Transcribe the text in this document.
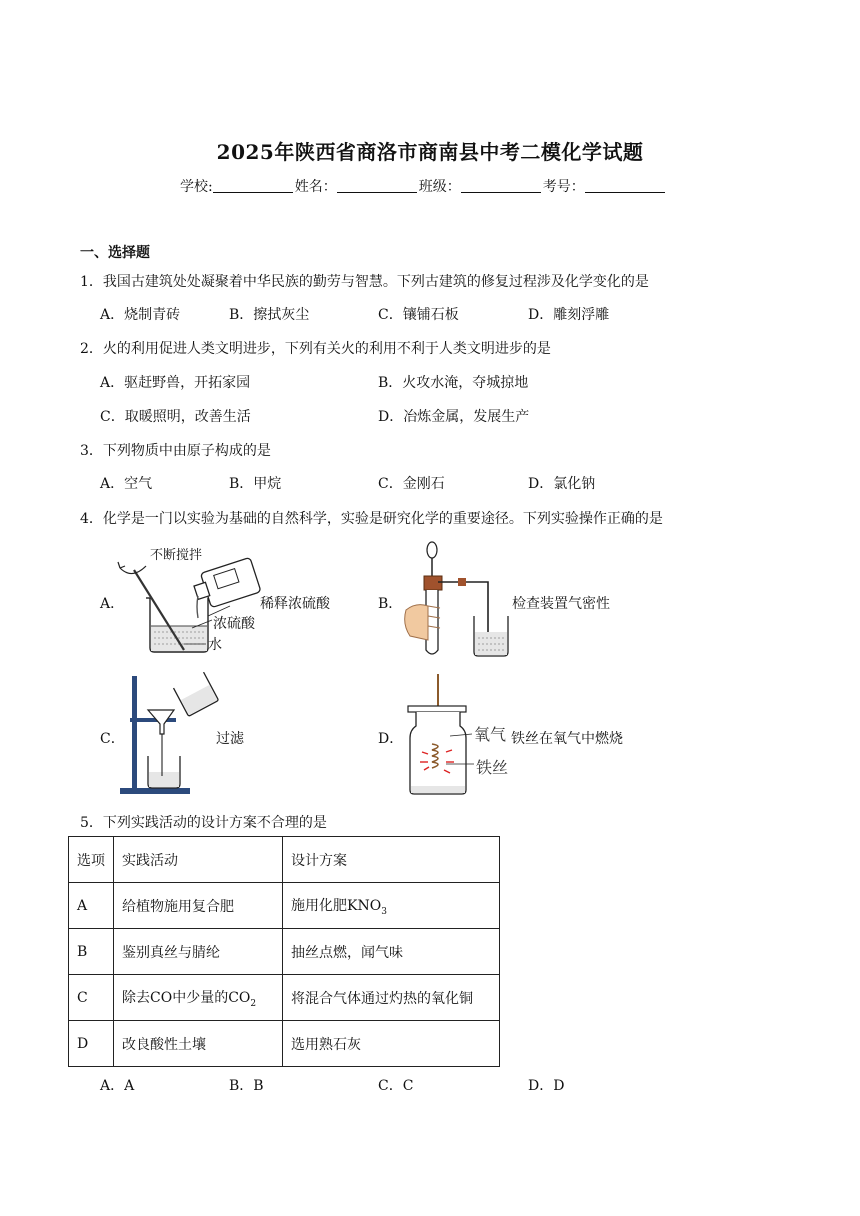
2025年陕西省商洛市商南县中考二模化学试题
学校:	姓名：	班级：	考号：
一、选择题
1．我国古建筑处处凝聚着中华民族的勤劳与智慧。下列古建筑的修复过程涉及化学变化的是
A．烧制青砖	B．擦拭灰尘	C．镶铺石板	D．雕刻浮雕
2．火的利用促进人类文明进步，下列有关火的利用不利于人类文明进步的是
A．驱赶野兽，开拓家园	B．火攻水淹，夺城掠地
C．取暖照明，改善生活	D．冶炼金属，发展生产
3．下列物质中由原子构成的是
A．空气	B．甲烷	C．金刚石	D．氯化钠
4．化学是一门以实验为基础的自然科学，实验是研究化学的重要途径。下列实验操作正确的是
A．
不断搅拌
稀释浓硫酸
浓硫酸
水
B．	检查装置气密性
C．	过滤	D．	氧气
铁丝
铁丝在氧气中燃烧
5．下列实践活动的设计方案不合理的是
选项	实践活动	设计方案
A	给植物施用复合肥	施用化肥$KNO_3$
B	鉴别真丝与腈纶	抽丝点燃，闻气味
C	除去CO中少量的$CO_2$	将混合气体通过灼热的氧化铜
D	改良酸性土壤	选用熟石灰
A．A	B．B	C．C	D．D
